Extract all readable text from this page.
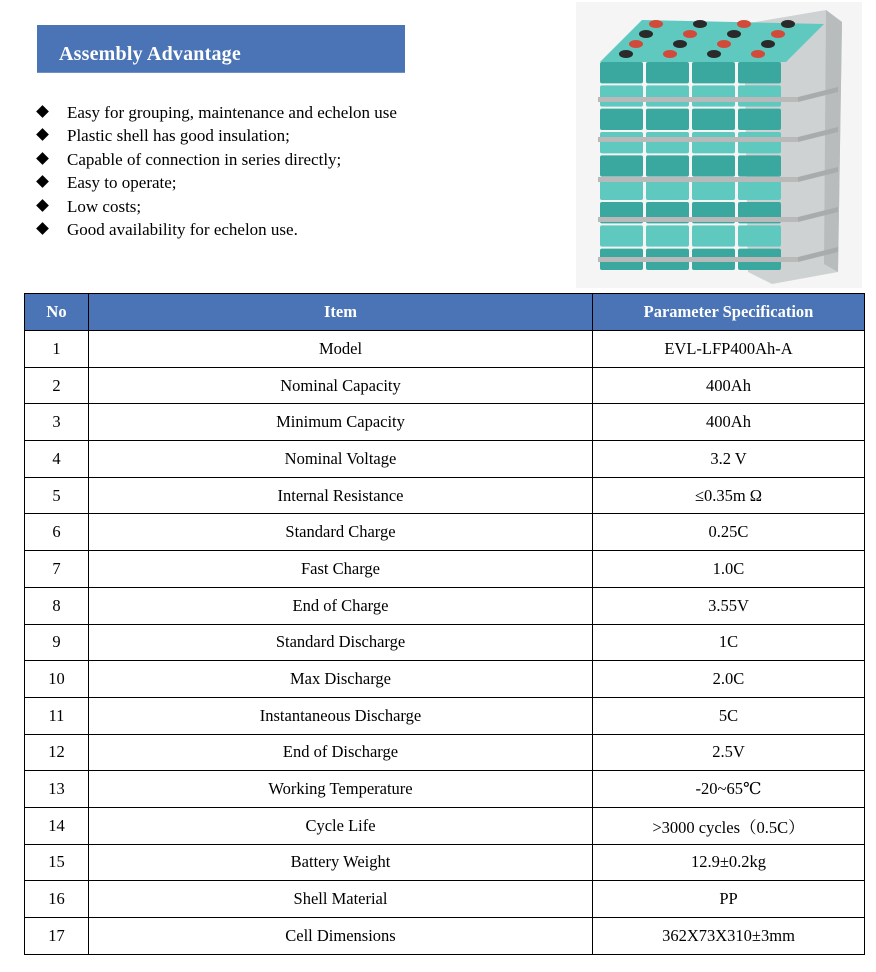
Assembly Advantage
Easy for grouping, maintenance and echelon use
Plastic shell has good insulation;
Capable of connection in series directly;
Easy to operate;
Low costs;
Good availability for echelon use.
No	Item	Parameter Specification
1	Model	EVL-LFP400Ah-A
2	Nominal Capacity	400Ah
3	Minimum Capacity	400Ah
4	Nominal Voltage	3.2 V
5	Internal Resistance	≤0.35m Ω
6	Standard Charge	0.25C
7	Fast Charge	1.0C
8	End of Charge	3.55V
9	Standard Discharge	1C
10	Max Discharge	2.0C
11	Instantaneous Discharge	5C
12	End of Discharge	2.5V
13	Working Temperature	-20~65℃
14	Cycle Life	>3000 cycles（0.5C）
15	Battery Weight	12.9±0.2kg
16	Shell Material	PP
17	Cell Dimensions	362X73X310±3mm
